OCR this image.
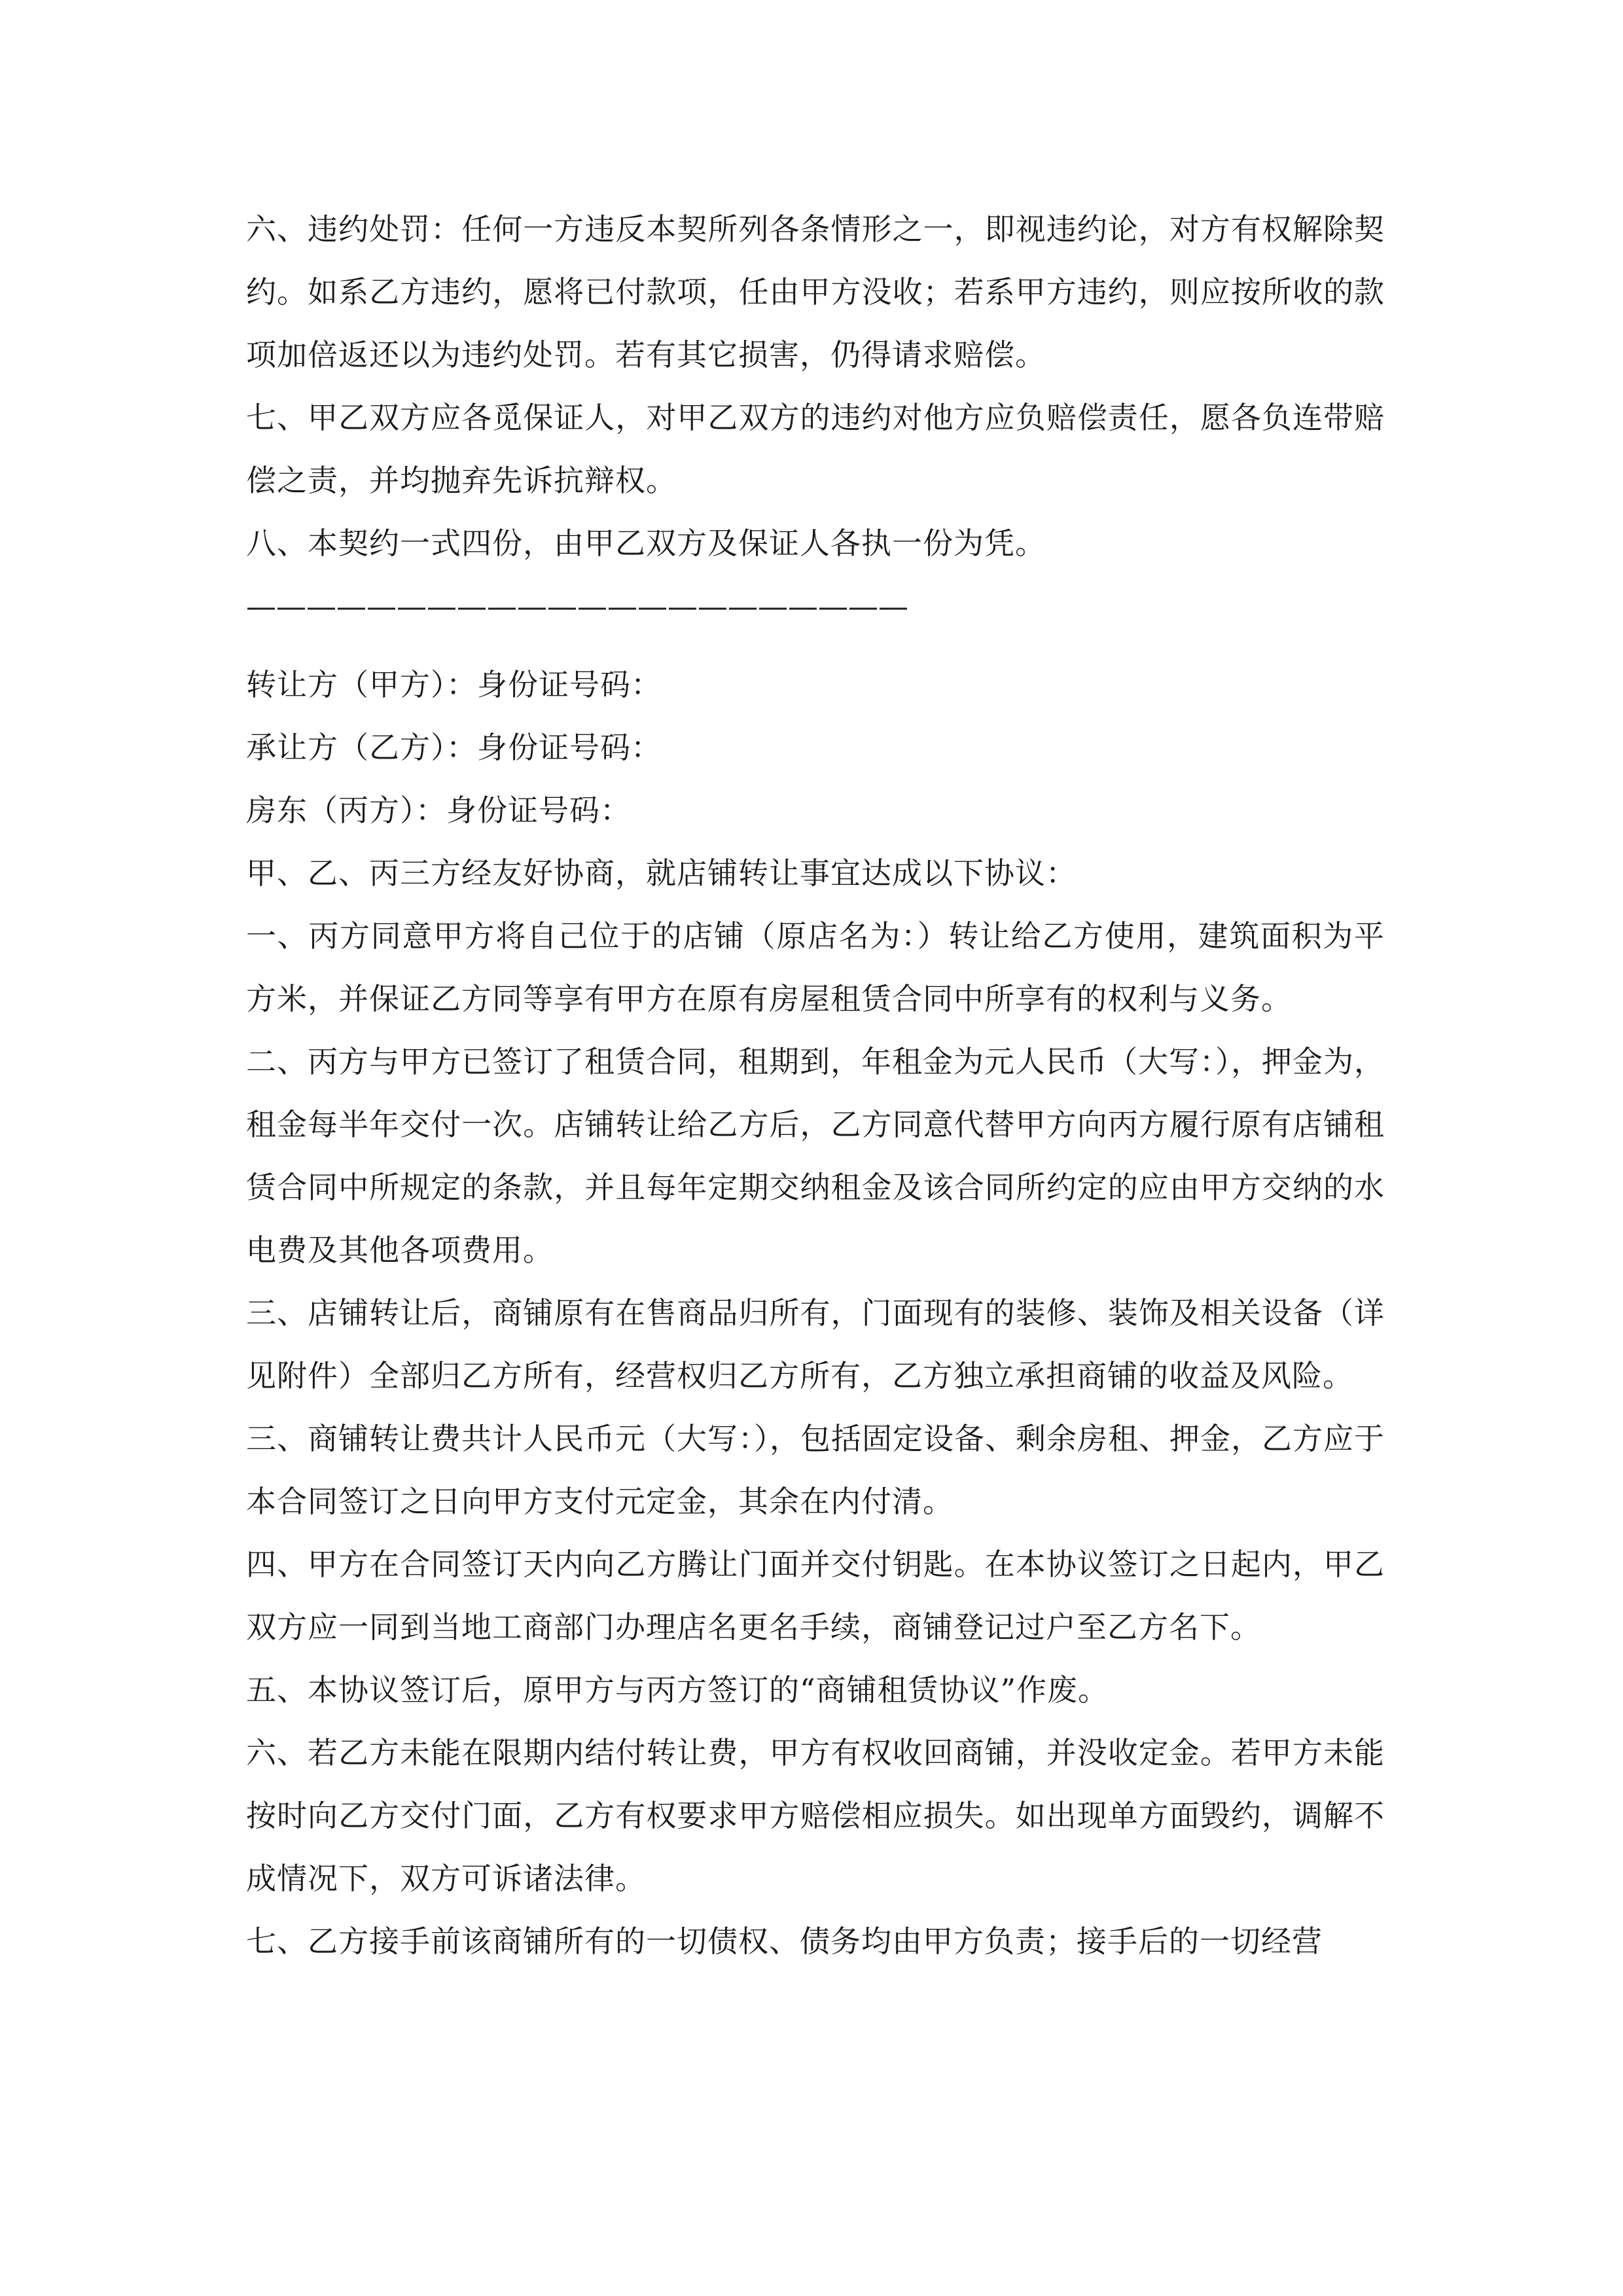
六、违约处罚：任何一方违反本契所列各条情形之一，即视违约论，对方有权解除契约。如系乙方违约，愿将已付款项，任由甲方没收；若系甲方违约，则应按所收的款项加倍返还以为违约处罚。若有其它损害，仍得请求赔偿。

七、甲乙双方应各觅保证人，对甲乙双方的违约对他方应负赔偿责任，愿各负连带赔偿之责，并均抛弃先诉抗辩权。

八、本契约一式四份，由甲乙双方及保证人各执一份为凭。

——————————————————————

转让方（甲方）：身份证号码：

承让方（乙方）：身份证号码：

房东（丙方）：身份证号码：

甲、乙、丙三方经友好协商，就店铺转让事宜达成以下协议：

一、丙方同意甲方将自己位于的店铺（原店名为：）转让给乙方使用，建筑面积为平方米，并保证乙方同等享有甲方在原有房屋租赁合同中所享有的权利与义务。

二、丙方与甲方已签订了租赁合同，租期到，年租金为元人民币（大写：），押金为，租金每半年交付一次。店铺转让给乙方后，乙方同意代替甲方向丙方履行原有店铺租赁合同中所规定的条款，并且每年定期交纳租金及该合同所约定的应由甲方交纳的水电费及其他各项费用。

三、店铺转让后，商铺原有在售商品归所有，门面现有的装修、装饰及相关设备（详见附件）全部归乙方所有，经营权归乙方所有，乙方独立承担商铺的收益及风险。

三、商铺转让费共计人民币元（大写：），包括固定设备、剩余房租、押金，乙方应于本合同签订之日向甲方支付元定金，其余在内付清。

四、甲方在合同签订天内向乙方腾让门面并交付钥匙。在本协议签订之日起内，甲乙双方应一同到当地工商部门办理店名更名手续，商铺登记过户至乙方名下。

五、本协议签订后，原甲方与丙方签订的“商铺租赁协议”作废。

六、若乙方未能在限期内结付转让费，甲方有权收回商铺，并没收定金。若甲方未能按时向乙方交付门面，乙方有权要求甲方赔偿相应损失。如出现单方面毁约，调解不成情况下，双方可诉诸法律。

七、乙方接手前该商铺所有的一切债权、债务均由甲方负责；接手后的一切经营
